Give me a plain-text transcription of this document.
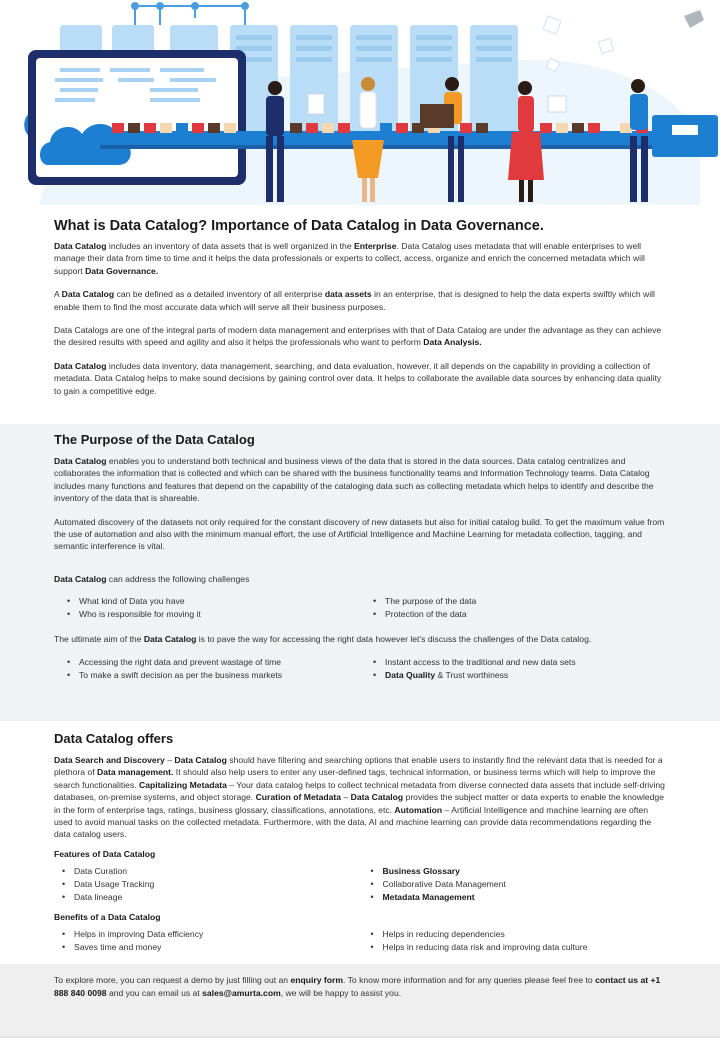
What is Data Catalog? Importance of Data Catalog in Data Governance.

Data Catalog includes an inventory of data assets that is well organized in the Enterprise. Data Catalog uses metadata that will enable enterprises to well manage their data from time to time and it helps the data professionals or experts to collect, access, organize and enrich the concerned metadata which will support Data Governance.

A Data Catalog can be defined as a detailed inventory of all enterprise data assets in an enterprise, that is designed to help the data experts swiftly which will enable them to find the most accurate data which will serve all their business purposes.

Data Catalogs are one of the integral parts of modern data management and enterprises with that of Data Catalog are under the advantage as they can achieve the desired results with speed and agility and also it helps the professionals who want to perform Data Analysis.

Data Catalog includes data inventory, data management, searching, and data evaluation, however, it all depends on the capability in providing a collection of metadata. Data Catalog helps to make sound decisions by gaining control over data. It helps to collaborate the available data sources by enhancing data quality to gain a competitive edge.

The Purpose of the Data Catalog

Data Catalog enables you to understand both technical and business views of the data that is stored in the data sources. Data catalog centralizes and collaborates the information that is collected and which can be shared with the business functionality teams and Information Technology teams. Data Catalog includes many functions and features that depend on the capability of the cataloging data such as collecting metadata which helps to identify and describe the inventory of the data that is shareable.

Automated discovery of the datasets not only required for the constant discovery of new datasets but also for initial catalog build. To get the maximum value from the use of automation and also with the minimum manual effort, the use of Artificial Intelligence and Machine Learning for metadata collection, tagging, and semantic interference is vital.

Data Catalog can address the following challenges

• What kind of Data you have
• Who is responsible for moving it
• The purpose of the data
• Protection of the data

The ultimate aim of the Data Catalog is to pave the way for accessing the right data however let’s discuss the challenges of the Data catalog.

• Accessing the right data and prevent wastage of time
• To make a swift decision as per the business markets
• Instant access to the traditional and new data sets
• Data Quality & Trust worthiness
Data Catalog offers

Data Search and Discovery – Data Catalog should have filtering and searching options that enable users to instantly find the relevant data that is needed for a plethora of Data management. It should also help users to enter any user-defined tags, technical information, or business terms which will help to improve the search functionalities. Capitalizing Metadata – Your data catalog helps to collect technical metadata from diverse connected data assets that include self-driving databases, on-premise systems, and object storage. Curation of Metadata – Data Catalog provides the subject matter or data experts to enable the knowledge in the form of enterprise tags, ratings, business glossary, classifications, annotations, etc. Automation – Artificial Intelligence and machine learning are often used to avoid manual tasks on the collected metadata. Furthermore, with the data, AI and machine learning can provide data recommendations regarding the data catalog users.

Features of Data Catalog
• Data Curation
• Data Usage Tracking
• Data lineage
• Business Glossary
• Collaborative Data Management
• Metadata Management
Benefits of a Data Catalog
• Helps in improving Data efficiency
• Saves time and money
• Helps in reducing dependencies
• Helps in reducing data risk and improving data culture

To explore more, you can request a demo by just filling out an enquiry form. To know more information and for any queries please feel free to contact us at +1 888 840 0098 and you can email us at sales@amurta.com, we will be happy to assist you.
